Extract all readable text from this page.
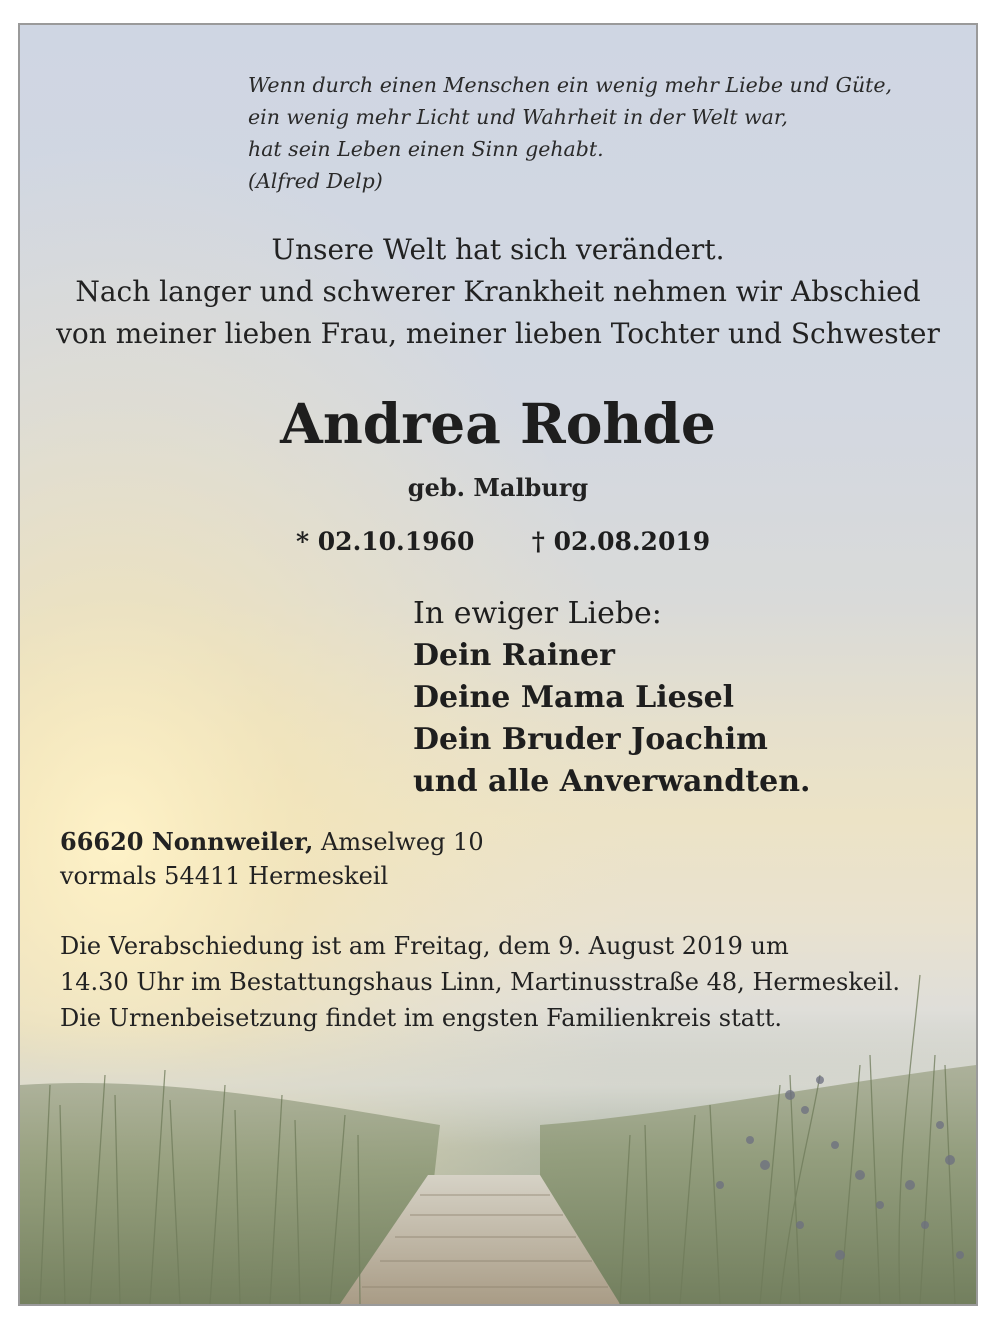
Wenn durch einen Menschen ein wenig mehr Liebe und Güte,
ein wenig mehr Licht und Wahrheit in der Welt war,
hat sein Leben einen Sinn gehabt.
(Alfred Delp)
Unsere Welt hat sich verändert.
Nach langer und schwerer Krankheit nehmen wir Abschied
von meiner lieben Frau, meiner lieben Tochter und Schwester
Andrea Rohde
geb. Malburg
* 02.10.1960 † 02.08.2019
In ewiger Liebe:
Dein Rainer
Deine Mama Liesel
Dein Bruder Joachim
und alle Anverwandten.
66620 Nonnweiler, Amselweg 10
vormals 54411 Hermeskeil
Die Verabschiedung ist am Freitag, dem 9. August 2019 um
14.30 Uhr im Bestattungshaus Linn, Martinusstraße 48, Hermeskeil.
Die Urnenbeisetzung findet im engsten Familienkreis statt.
